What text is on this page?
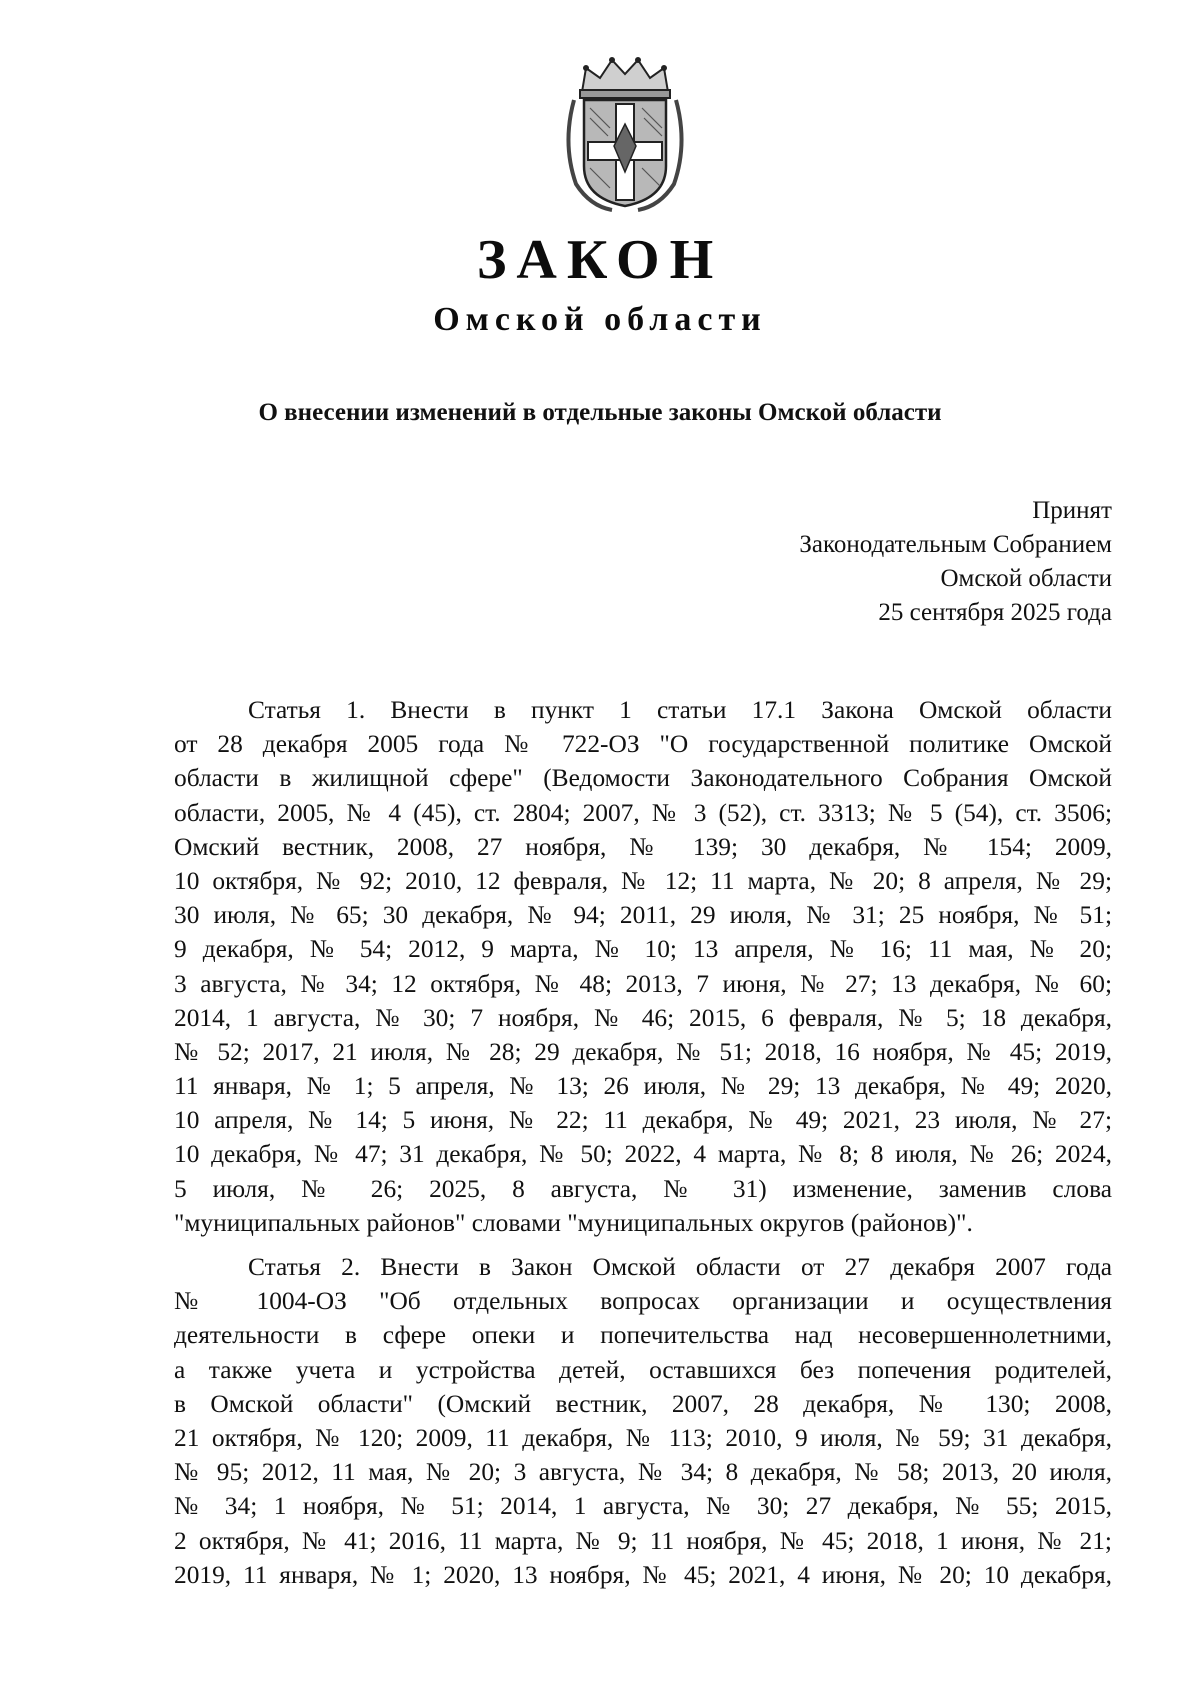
ЗАКОН
Омской области
О внесении изменений в отдельные законы Омской области
Принят
Законодательным Собранием
Омской области
25 сентября 2025 года
Статья 1. Внести в пункт 1 статьи 17.1 Закона Омской области
от 28 декабря 2005 года № 722-ОЗ "О государственной политике Омской
области в жилищной сфере" (Ведомости Законодательного Собрания Омской
области, 2005, № 4 (45), ст. 2804; 2007, № 3 (52), ст. 3313; № 5 (54), ст. 3506;
Омский вестник, 2008, 27 ноября, № 139; 30 декабря, № 154; 2009,
10 октября, № 92; 2010, 12 февраля, № 12; 11 марта, № 20; 8 апреля, № 29;
30 июля, № 65; 30 декабря, № 94; 2011, 29 июля, № 31; 25 ноября, № 51;
9 декабря, № 54; 2012, 9 марта, № 10; 13 апреля, № 16; 11 мая, № 20;
3 августа, № 34; 12 октября, № 48; 2013, 7 июня, № 27; 13 декабря, № 60;
2014, 1 августа, № 30; 7 ноября, № 46; 2015, 6 февраля, № 5; 18 декабря,
№ 52; 2017, 21 июля, № 28; 29 декабря, № 51; 2018, 16 ноября, № 45; 2019,
11 января, № 1; 5 апреля, № 13; 26 июля, № 29; 13 декабря, № 49; 2020,
10 апреля, № 14; 5 июня, № 22; 11 декабря, № 49; 2021, 23 июля, № 27;
10 декабря, № 47; 31 декабря, № 50; 2022, 4 марта, № 8; 8 июля, № 26; 2024,
5 июля, № 26; 2025, 8 августа, № 31) изменение, заменив слова
"муниципальных районов" словами "муниципальных округов (районов)".
Статья 2. Внести в Закон Омской области от 27 декабря 2007 года
№ 1004-ОЗ "Об отдельных вопросах организации и осуществления
деятельности в сфере опеки и попечительства над несовершеннолетними,
а также учета и устройства детей, оставшихся без попечения родителей,
в Омской области" (Омский вестник, 2007, 28 декабря, № 130; 2008,
21 октября, № 120; 2009, 11 декабря, № 113; 2010, 9 июля, № 59; 31 декабря,
№ 95; 2012, 11 мая, № 20; 3 августа, № 34; 8 декабря, № 58; 2013, 20 июля,
№ 34; 1 ноября, № 51; 2014, 1 августа, № 30; 27 декабря, № 55; 2015,
2 октября, № 41; 2016, 11 марта, № 9; 11 ноября, № 45; 2018, 1 июня, № 21;
2019, 11 января, № 1; 2020, 13 ноября, № 45; 2021, 4 июня, № 20; 10 декабря,
